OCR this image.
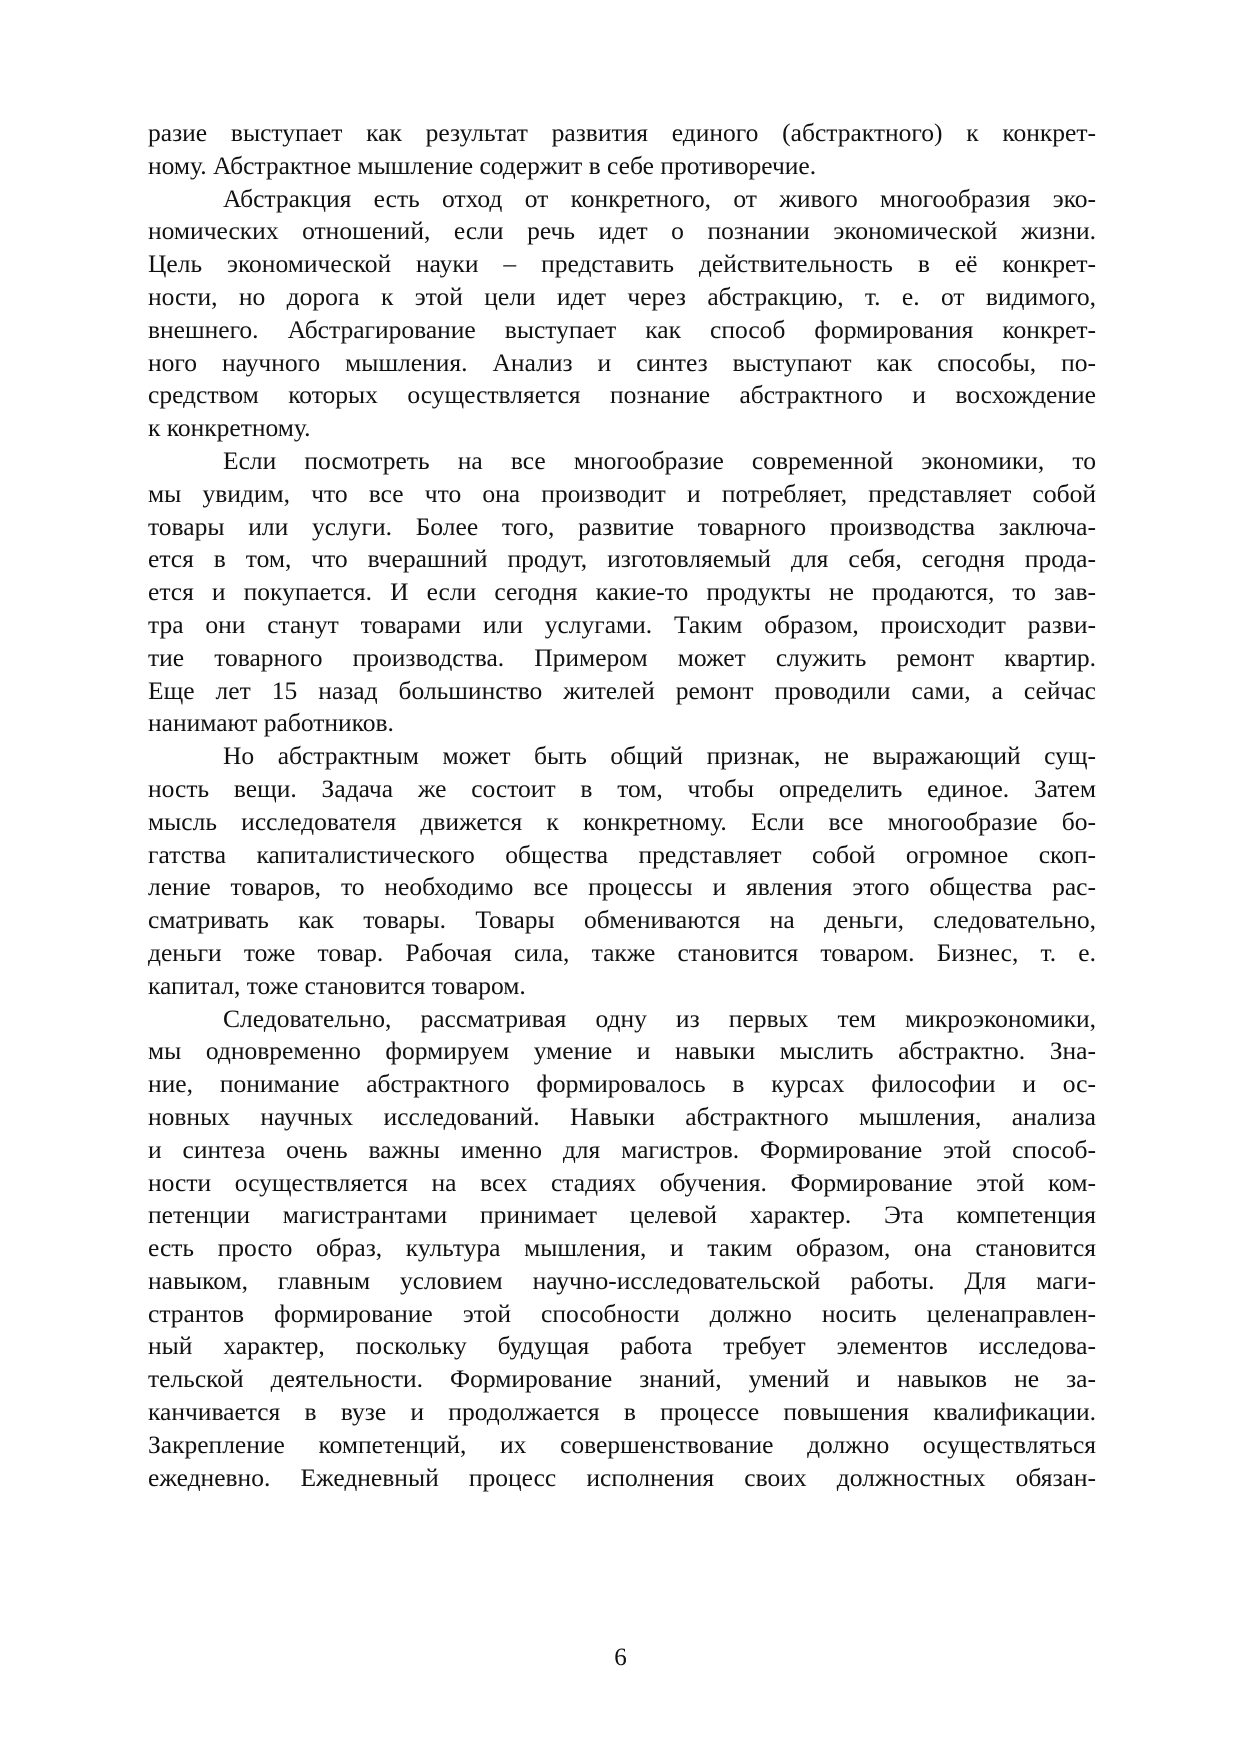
разие выступает как результат развития единого (абстрактного) к конкрет-
ному. Абстрактное мышление содержит в себе противоречие.
Абстракция есть отход от конкретного, от живого многообразия эко-
номических отношений, если речь идет о познании экономической жизни.
Цель экономической науки – представить действительность в её конкрет-
ности, но дорога к этой цели идет через абстракцию, т. е. от видимого,
внешнего. Абстрагирование выступает как способ формирования конкрет-
ного научного мышления. Анализ и синтез выступают как способы, по-
средством которых осуществляется познание абстрактного и восхождение
к конкретному.
Если посмотреть на все многообразие современной экономики, то
мы увидим, что все что она производит и потребляет, представляет собой
товары или услуги. Более того, развитие товарного производства заключа-
ется в том, что вчерашний продут, изготовляемый для себя, сегодня прода-
ется и покупается. И если сегодня какие-то продукты не продаются, то зав-
тра они станут товарами или услугами. Таким образом, происходит разви-
тие товарного производства. Примером может служить ремонт квартир.
Еще лет 15 назад большинство жителей ремонт проводили сами, а сейчас
нанимают работников.
Но абстрактным может быть общий признак, не выражающий сущ-
ность вещи. Задача же состоит в том, чтобы определить единое. Затем
мысль исследователя движется к конкретному. Если все многообразие бо-
гатства капиталистического общества представляет собой огромное скоп-
ление товаров, то необходимо все процессы и явления этого общества рас-
сматривать как товары. Товары обмениваются на деньги, следовательно,
деньги тоже товар. Рабочая сила, также становится товаром. Бизнес, т. е.
капитал, тоже становится товаром.
Следовательно, рассматривая одну из первых тем микроэкономики,
мы одновременно формируем умение и навыки мыслить абстрактно. Зна-
ние, понимание абстрактного формировалось в курсах философии и ос-
новных научных исследований. Навыки абстрактного мышления, анализа
и синтеза очень важны именно для магистров. Формирование этой способ-
ности осуществляется на всех стадиях обучения. Формирование этой ком-
петенции магистрантами принимает целевой характер. Эта компетенция
есть просто образ, культура мышления, и таким образом, она становится
навыком, главным условием научно-исследовательской работы. Для маги-
странтов формирование этой способности должно носить целенаправлен-
ный характер, поскольку будущая работа требует элементов исследова-
тельской деятельности. Формирование знаний, умений и навыков не за-
канчивается в вузе и продолжается в процессе повышения квалификации.
Закрепление компетенций, их совершенствование должно осуществляться
ежедневно. Ежедневный процесс исполнения своих должностных обязан-
6
